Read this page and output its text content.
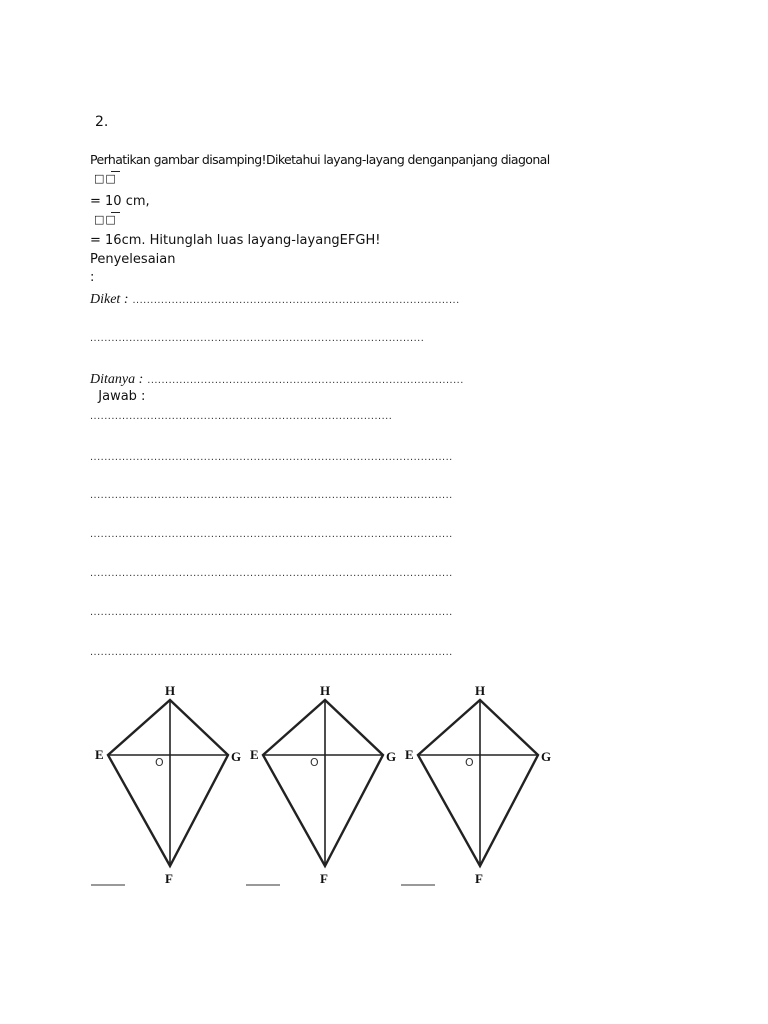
2.
Perhatikan gambar disamping!Diketahui layang-layang denganpanjang diagonal
□□
= 10 cm,
□□
= 16cm. Hitunglah luas layang-layangEFGH!
Penyelesaian
:
Diket : ............................................................................................
..............................................................................................
Ditanya : .........................................................................................
Jawab :
.....................................................................................
......................................................................................................
......................................................................................................
......................................................................................................
......................................................................................................
......................................................................................................
......................................................................................................
H
E	G
F
O
H
E	G
F
O
H
E	G
F
O
